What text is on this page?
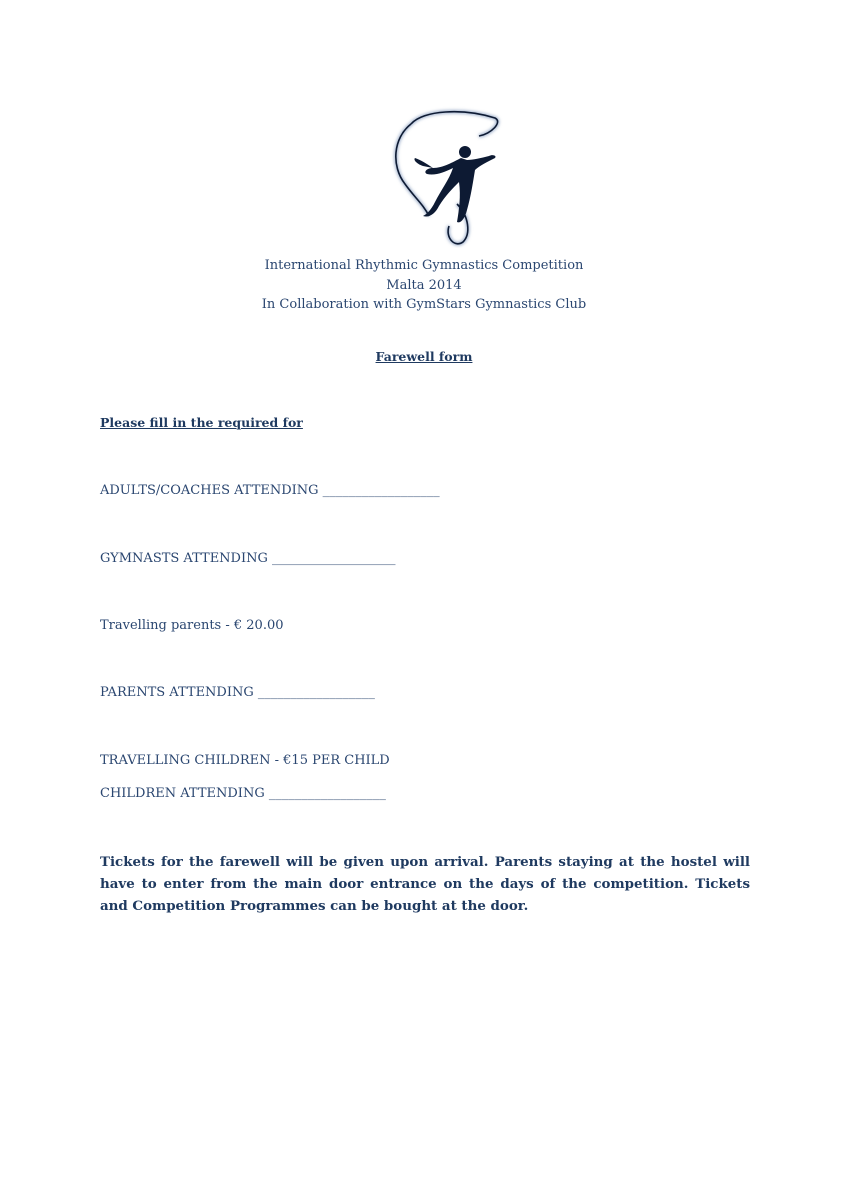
International Rhythmic Gymnastics Competition
Malta 2014
In Collaboration with GymStars Gymnastics Club
Farewell form
Please fill in the required for
ADULTS/COACHES ATTENDING __________________
GYMNASTS ATTENDING ___________________
Travelling parents - € 20.00
PARENTS ATTENDING __________________
TRAVELLING CHILDREN - €15 PER CHILD
CHILDREN ATTENDING __________________
Tickets for the farewell will be given upon arrival. Parents staying at the hostel will have to enter from the main door entrance on the days of the competition. Tickets and Competition Programmes can be bought at the door.
